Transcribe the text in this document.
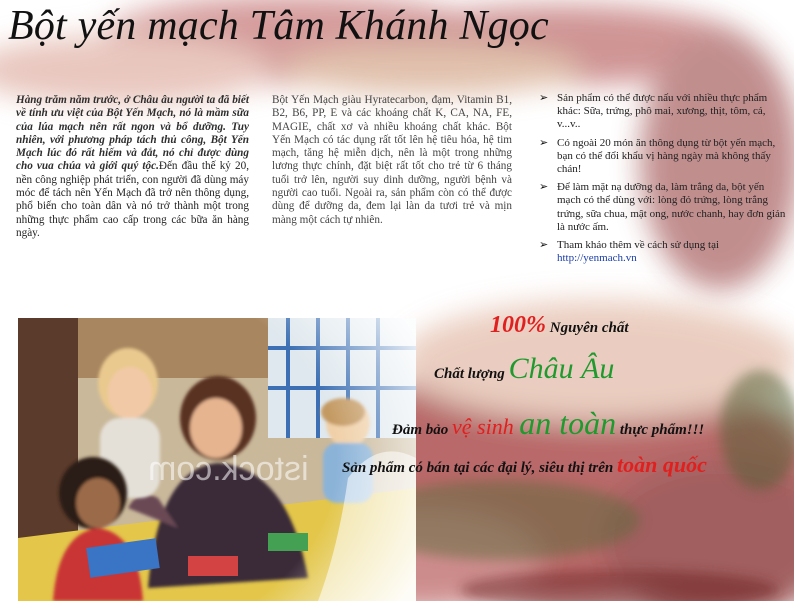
Bột yến mạch Tâm Khánh Ngọc
Hàng trăm năm trước, ở Châu âu người ta đã biết về tính ưu việt của Bột Yến Mạch, nó là mầm sữa của lúa mạch nên rất ngon và bổ dưỡng. Tuy nhiên, với phương pháp tách thủ công, Bột Yến Mạch lúc đó rất hiếm và đắt, nó chỉ được dùng cho vua chúa và giới quý tộc.Đến đầu thế kỷ 20, nền công nghiệp phát triển, con người đã dùng máy móc để tách nên Yến Mạch đã trở nên thông dụng, phổ biến cho toàn dân và nó trở thành một trong những thực phẩm cao cấp trong các bữa ăn hàng ngày.
Bột Yến Mạch giàu Hyratecarbon, đạm, Vitamin B1, B2, B6, PP, E và các khoáng chất K, CA, NA, FE, MAGIE, chất xơ và nhiều khoáng chất khác. Bột Yến Mạch có tác dụng rất tốt lên hệ tiêu hóa, hệ tim mạch, tăng hệ miễn dịch, nên là một trong những lương thực chính, đặt biệt rất tốt cho trẻ từ 6 tháng tuổi trở lên, người suy dinh dưỡng, người bệnh và người cao tuổi. Ngoài ra, sản phẩm còn có thể được dùng để dưỡng da, đem lại làn da tươi trẻ và mịn màng một cách tự nhiên.
➢ Sản phẩm có thể được nấu với nhiều thực phẩm khác: Sữa, trứng, phô mai, xương, thịt, tôm, cá, v...v..
➢ Có ngoài 20 món ăn thông dụng từ bột yến mạch, bạn có thể đổi khẩu vị hàng ngày mà không thấy chán!
➢ Để làm mặt nạ dưỡng da, làm trắng da, bột yến mạch có thể dùng với: lòng đỏ trứng, lòng trắng trứng, sữa chua, mật ong, nước chanh, hay đơn giản là nước ấm.
➢ Tham khảo thêm về cách sử dụng tại
http://yenmach.vn
istock.com
100% Nguyên chất
Chất lượng Châu Âu
Đảm bảo vệ sinh an toàn thực phẩm!!!
Sản phẩm có bán tại các đại lý, siêu thị trên toàn quốc
